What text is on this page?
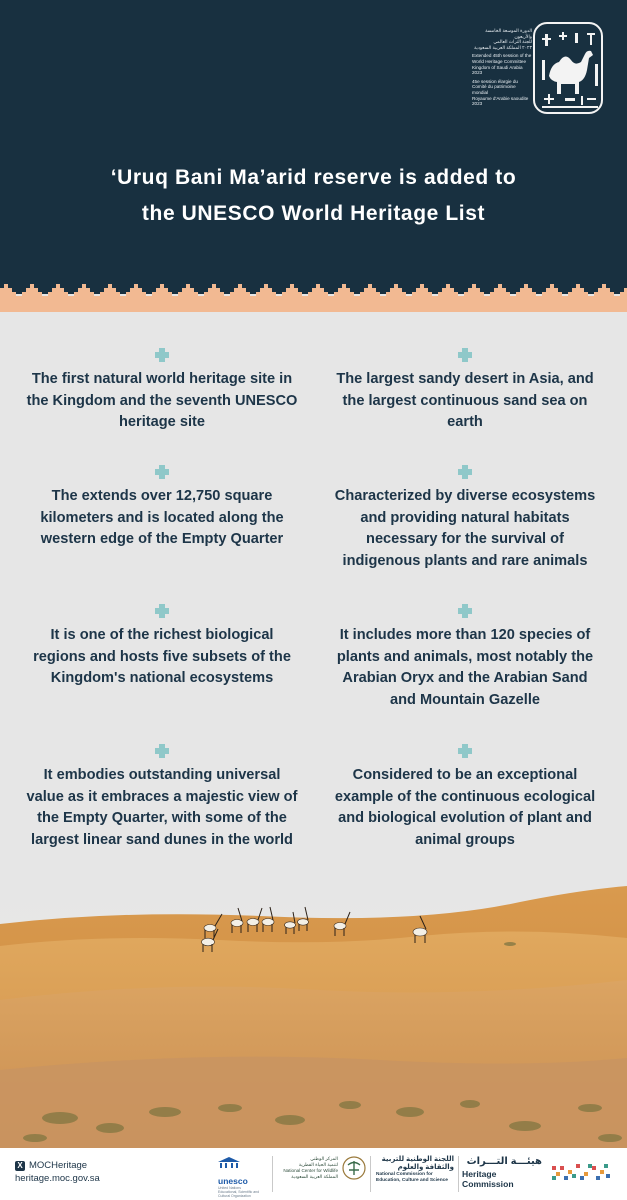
الدورة الموسعة الخامسة والأربعون
للجنة التراث العالمي
٢٠٢٣ المملكة العربية السعودية
Extended 45th session of the
World Heritage Committee
Kingdom of Saudi Arabia 2023
45e session élargie du
Comité du patrimoine mondial
Royaume d'Arabie saoudite 2023
‘Uruq Bani Ma’arid reserve is added to
the UNESCO World Heritage List
The first natural world heritage site in the Kingdom and the seventh UNESCO heritage site
The largest sandy desert in Asia, and the largest continuous sand sea on earth
The extends over 12,750 square kilometers and is located along the western edge of the Empty Quarter
Characterized by diverse ecosystems and providing natural habitats necessary for the survival of indigenous plants and rare animals
It is one of the richest biological regions and hosts five subsets of the Kingdom's national ecosystems
It includes more than 120 species of plants and animals, most notably the Arabian Oryx and the Arabian Sand and Mountain Gazelle
It embodies outstanding universal value as it embraces a majestic view of the Empty Quarter, with some of the largest linear sand dunes in the world
Considered to be an exceptional example of the continuous ecological and biological evolution of plant and animal groups
X MOCHeritage
heritage.moc.gov.sa	unesco
United Nations
Educational, Scientific and
Cultural Organization
المركز الوطني
لتنمية الحياة الفطرية
National Center for Wildlife
المملكة العربية السعودية
اللجنة الوطنية للتربية
والثقافة والعلوم
National Commission for
Education, Culture and Science
هيئـــة التـــراث
Heritage Commission
